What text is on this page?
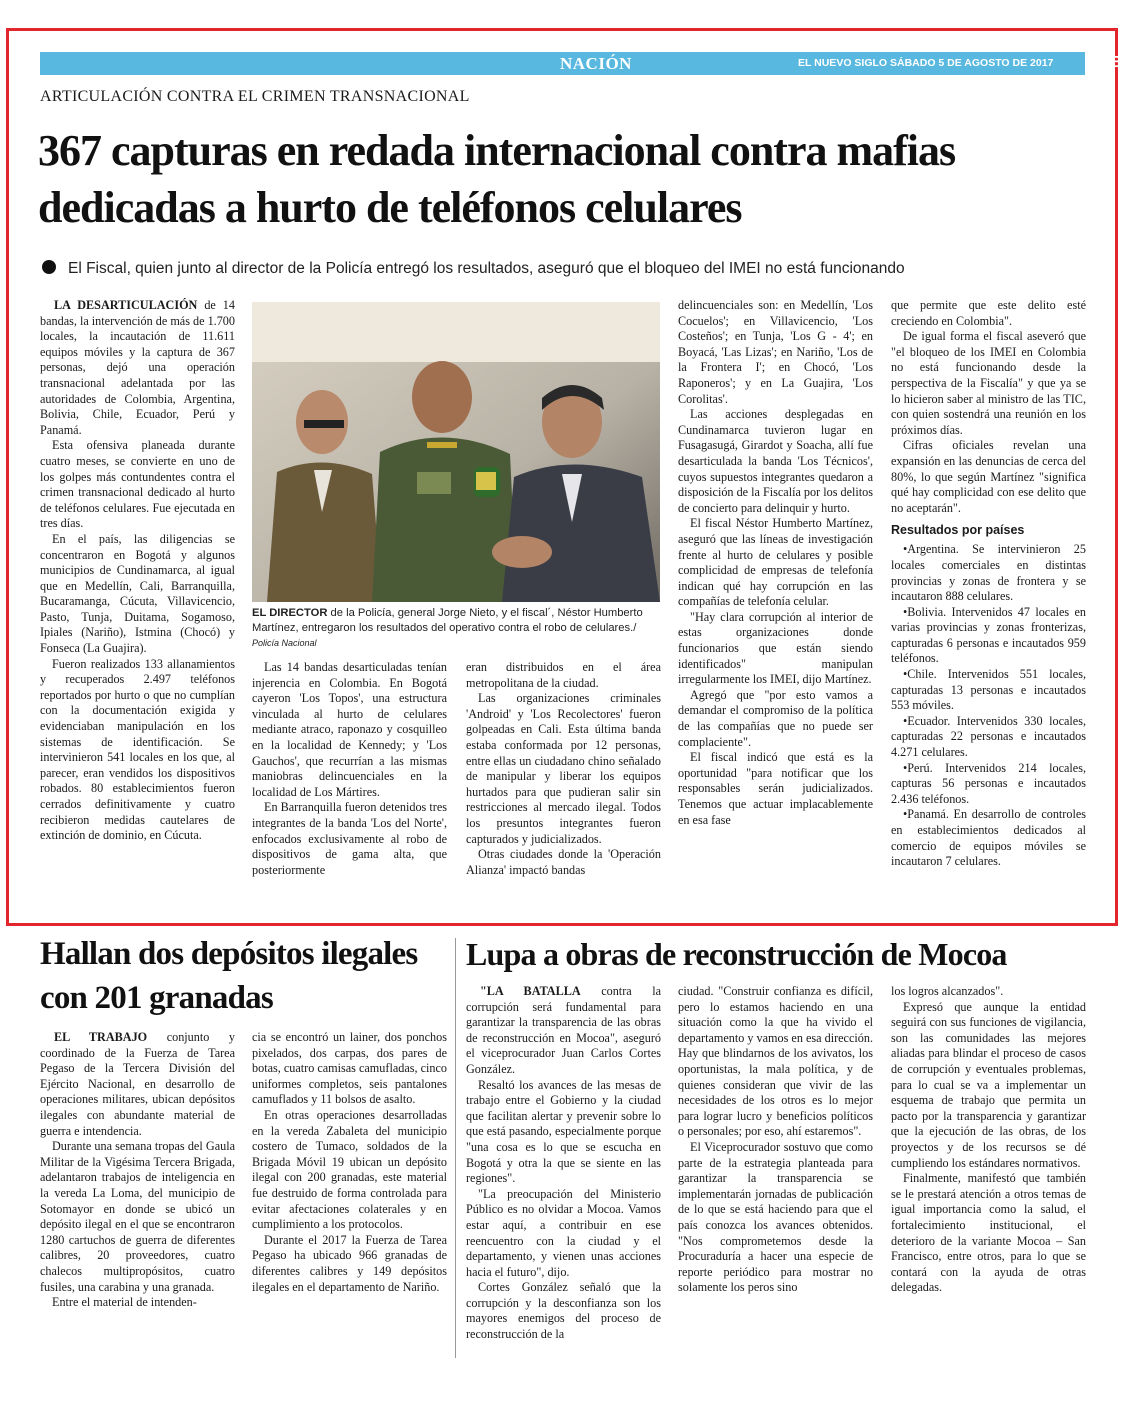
NACIÓN	EL NUEVO SIGLO SÁBADO 5 DE AGOSTO DE 2017	1B
ARTICULACIÓN CONTRA EL CRIMEN TRANSNACIONAL
367 capturas en redada internacional contra mafias dedicadas a hurto de teléfonos celulares
El Fiscal, quien junto al director de la Policía entregó los resultados, aseguró que el bloqueo del IMEI no está funcionando

LA DESARTICULACIÓN de 14 bandas, la intervención de más de 1.700 locales, la incautación de 11.611 equipos móviles y la captura de 367 personas, dejó una operación transnacional adelantada por las autoridades de Colombia, Argentina, Bolivia, Chile, Ecuador, Perú y Panamá.

Esta ofensiva planeada durante cuatro meses, se convierte en uno de los golpes más contundentes contra el crimen transnacional dedicado al hurto de teléfonos celulares. Fue ejecutada en tres días.

En el país, las diligencias se concentraron en Bogotá y algunos municipios de Cundinamarca, al igual que en Medellín, Cali, Barranquilla, Bucaramanga, Cúcuta, Villavicencio, Pasto, Tunja, Duitama, Sogamoso, Ipiales (Nariño), Istmina (Chocó) y Fonseca (La Guajira).

Fueron realizados 133 allanamientos y recuperados 2.497 teléfonos reportados por hurto o que no cumplían con la documentación exigida y evidenciaban manipulación en los sistemas de identificación. Se intervinieron 541 locales en los que, al parecer, eran vendidos los dispositivos robados. 80 establecimientos fueron cerrados definitivamente y cuatro recibieron medidas cautelares de extinción de dominio, en Cúcuta.

EL DIRECTOR de la Policía, general Jorge Nieto, y el fiscal´, Néstor Humberto Martínez, entregaron los resultados del operativo contra el robo de celulares./
Policía Nacional

Las 14 bandas desarticuladas tenían injerencia en Colombia. En Bogotá cayeron 'Los Topos', una estructura vinculada al hurto de celulares mediante atraco, raponazo y cosquilleo en la localidad de Kennedy; y 'Los Gauchos', que recurrían a las mismas maniobras delincuenciales en la localidad de Los Mártires.

En Barranquilla fueron detenidos tres integrantes de la banda 'Los del Norte', enfocados exclusivamente al robo de dispositivos de gama alta, que posteriormente

eran distribuidos en el área metropolitana de la ciudad.

Las organizaciones criminales 'Android' y 'Los Recolectores' fueron golpeadas en Cali. Esta última banda estaba conformada por 12 personas, entre ellas un ciudadano chino señalado de manipular y liberar los equipos hurtados para que pudieran salir sin restricciones al mercado ilegal. Todos los presuntos integrantes fueron capturados y judicializados.

Otras ciudades donde la 'Operación Alianza' impactó bandas

delincuenciales son: en Medellín, 'Los Cocuelos'; en Villavicencio, 'Los Costeños'; en Tunja, 'Los G - 4'; en Boyacá, 'Las Lizas'; en Nariño, 'Los de la Frontera I'; en Chocó, 'Los Raponeros'; y en La Guajira, 'Los Corolitas'.

Las acciones desplegadas en Cundinamarca tuvieron lugar en Fusagasugá, Girardot y Soacha, allí fue desarticulada la banda 'Los Técnicos', cuyos supuestos integrantes quedaron a disposición de la Fiscalía por los delitos de concierto para delinquir y hurto.

El fiscal Néstor Humberto Martínez, aseguró que las líneas de investigación frente al hurto de celulares y posible complicidad de empresas de telefonía indican qué hay corrupción en las compañías de telefonía celular.

"Hay clara corrupción al interior de estas organizaciones donde funcionarios que están siendo identificados" manipulan irregularmente los IMEI, dijo Martínez.

Agregó que "por esto vamos a demandar el compromiso de la política de las compañías que no puede ser complaciente".

El fiscal indicó que está es la oportunidad "para notificar que los responsables serán judicializados. Tenemos que actuar implacablemente en esa fase

que permite que este delito esté creciendo en Colombia".

De igual forma el fiscal aseveró que "el bloqueo de los IMEI en Colombia no está funcionando desde la perspectiva de la Fiscalía" y que ya se lo hicieron saber al ministro de las TIC, con quien sostendrá una reunión en los próximos días.

Cifras oficiales revelan una expansión en las denuncias de cerca del 80%, lo que según Martínez "significa qué hay complicidad con ese delito que no aceptarán".

Resultados por países

•Argentina. Se intervinieron 25 locales comerciales en distintas provincias y zonas de frontera y se incautaron 888 celulares.

•Bolivia. Intervenidos 47 locales en varias provincias y zonas fronterizas, capturadas 6 personas e incautados 959 teléfonos.

•Chile. Intervenidos 551 locales, capturadas 13 personas e incautados 553 móviles.

•Ecuador. Intervenidos 330 locales, capturadas 22 personas e incautados 4.271 celulares.

•Perú. Intervenidos 214 locales, capturas 56 personas e incautados 2.436 teléfonos.

•Panamá. En desarrollo de controles en establecimientos dedicados al comercio de equipos móviles se incautaron 7 celulares.

Hallan dos depósitos ilegales con 201 granadas

EL TRABAJO conjunto y coordinado de la Fuerza de Tarea Pegaso de la Tercera División del Ejército Nacional, en desarrollo de operaciones militares, ubican depósitos ilegales con abundante material de guerra e intendencia.

Durante una semana tropas del Gaula Militar de la Vigésima Tercera Brigada, adelantaron trabajos de inteligencia en la vereda La Loma, del municipio de Sotomayor en donde se ubicó un depósito ilegal en el que se encontraron 1280 cartuchos de guerra de diferentes calibres, 20 proveedores, cuatro chalecos multipropósitos, cuatro fusiles, una carabina y una granada.

Entre el material de intenden-

cia se encontró un lainer, dos ponchos pixelados, dos carpas, dos pares de botas, cuatro camisas camufladas, cinco uniformes completos, seis pantalones camuflados y 11 bolsos de asalto.

En otras operaciones desarrolladas en la vereda Zabaleta del municipio costero de Tumaco, soldados de la Brigada Móvil 19 ubican un depósito ilegal con 200 granadas, este material fue destruido de forma controlada para evitar afectaciones colaterales y en cumplimiento a los protocolos.

Durante el 2017 la Fuerza de Tarea Pegaso ha ubicado 966 granadas de diferentes calibres y 149 depósitos ilegales en el departamento de Nariño.

Lupa a obras de reconstrucción de Mocoa

"LA BATALLA contra la corrupción será fundamental para garantizar la transparencia de las obras de reconstrucción en Mocoa", aseguró el viceprocurador Juan Carlos Cortes González.

Resaltó los avances de las mesas de trabajo entre el Gobierno y la ciudad que facilitan alertar y prevenir sobre lo que está pasando, especialmente porque "una cosa es lo que se escucha en Bogotá y otra la que se siente en las regiones".

"La preocupación del Ministerio Público es no olvidar a Mocoa. Vamos estar aquí, a contribuir en ese reencuentro con la ciudad y el departamento, y vienen unas acciones hacia el futuro", dijo.

Cortes González señaló que la corrupción y la desconfianza son los mayores enemigos del proceso de reconstrucción de la

ciudad. "Construir confianza es difícil, pero lo estamos haciendo en una situación como la que ha vivido el departamento y vamos en esa dirección. Hay que blindarnos de los avivatos, los oportunistas, la mala política, y de quienes consideran que vivir de las necesidades de los otros es lo mejor para lograr lucro y beneficios políticos o personales; por eso, ahí estaremos".

El Viceprocurador sostuvo que como parte de la estrategia planteada para garantizar la transparencia se implementarán jornadas de publicación de lo que se está haciendo para que el país conozca los avances obtenidos. "Nos comprometemos desde la Procuraduría a hacer una especie de reporte periódico para mostrar no solamente los peros sino

los logros alcanzados".

Expresó que aunque la entidad seguirá con sus funciones de vigilancia, son las comunidades las mejores aliadas para blindar el proceso de casos de corrupción y eventuales problemas, para lo cual se va a implementar un esquema de trabajo que permita un pacto por la transparencia y garantizar que la ejecución de las obras, de los proyectos y de los recursos se dé cumpliendo los estándares normativos.

Finalmente, manifestó que también se le prestará atención a otros temas de igual importancia como la salud, el fortalecimiento institucional, el deterioro de la variante Mocoa – San Francisco, entre otros, para lo que se contará con la ayuda de otras delegadas.
